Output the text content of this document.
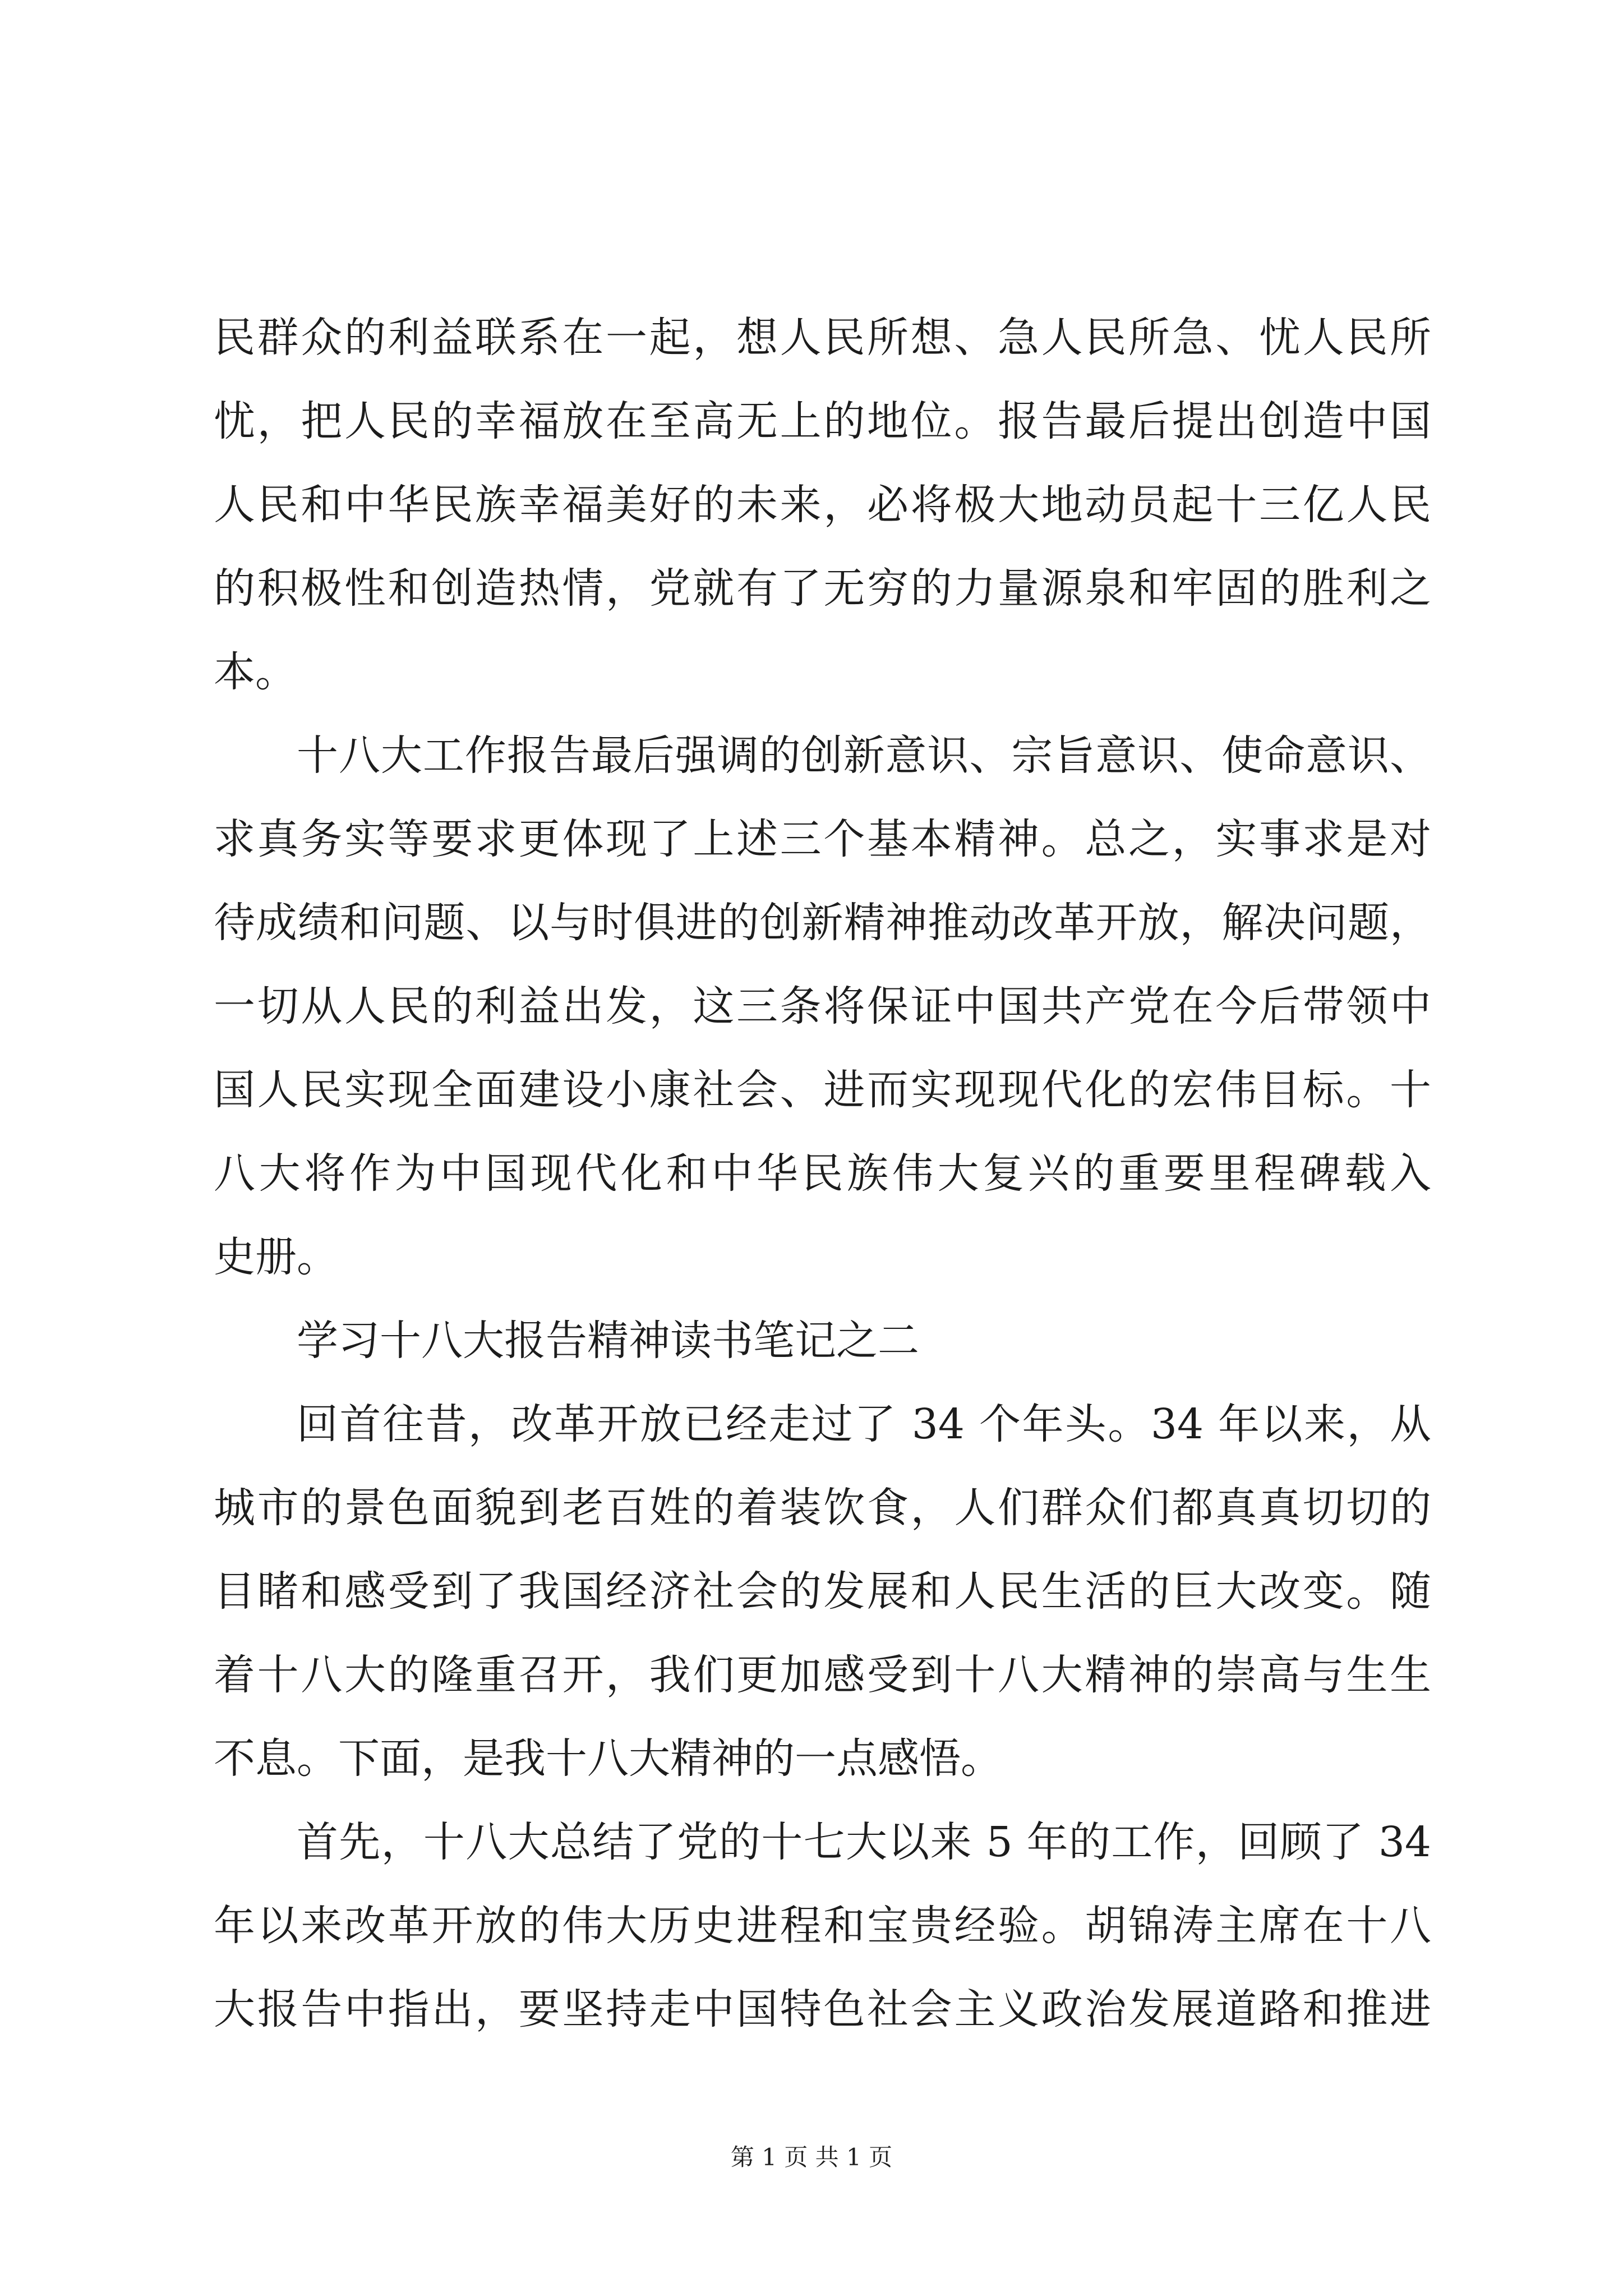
民群众的利益联系在一起，想人民所想、急人民所急、忧人民所
忧，把人民的幸福放在至高无上的地位。报告最后提出创造中国
人民和中华民族幸福美好的未来，必将极大地动员起十三亿人民
的积极性和创造热情，党就有了无穷的力量源泉和牢固的胜利之
本。
十八大工作报告最后强调的创新意识、宗旨意识、使命意识、
求真务实等要求更体现了上述三个基本精神。总之，实事求是对
待成绩和问题、以与时俱进的创新精神推动改革开放，解决问题，
一切从人民的利益出发，这三条将保证中国共产党在今后带领中
国人民实现全面建设小康社会、进而实现现代化的宏伟目标。十
八大将作为中国现代化和中华民族伟大复兴的重要里程碑载入
史册。
学习十八大报告精神读书笔记之二
回首往昔，改革开放已经走过了 34 个年头。34 年以来，从
城市的景色面貌到老百姓的着装饮食，人们群众们都真真切切的
目睹和感受到了我国经济社会的发展和人民生活的巨大改变。随
着十八大的隆重召开，我们更加感受到十八大精神的崇高与生生
不息。下面，是我十八大精神的一点感悟。
首先，十八大总结了党的十七大以来 5 年的工作，回顾了 34
年以来改革开放的伟大历史进程和宝贵经验。胡锦涛主席在十八
大报告中指出，要坚持走中国特色社会主义政治发展道路和推进
第 1 页 共 1 页
